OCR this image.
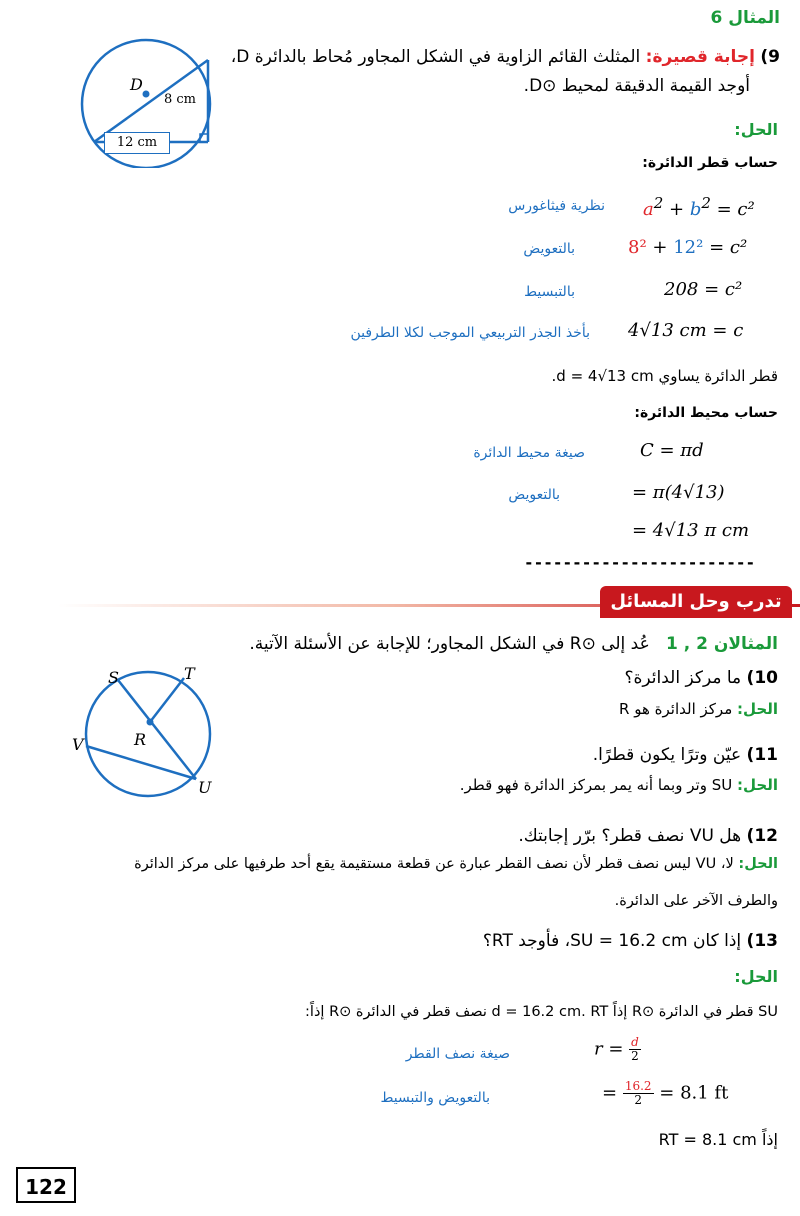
المثال 6
D
8 cm
12 cm
9) إجابة قصيرة: المثلث القائم الزاوية في الشكل المجاور مُحاط بالدائرة D،
أوجد القيمة الدقيقة لمحيط ⊙D.
الحل:
حساب قطر الدائرة:
$a^2 + b^2 = c^2$
نظرية فيثاغورس
8² + 12² = c²
بالتعويض
208 = c²
بالتبسيط
4√13 cm = c
بأخذ الجذر التربيعي الموجب لكلا الطرفين
قطر الدائرة يساوي d = 4√13 cm.
حساب محيط الدائرة:
C = πd
صيغة محيط الدائرة
= π(4√13)
بالتعويض
= 4√13 π cm
------------------------
تدرب وحل المسائل
المثالان 2 , 1   عُد إلى ⊙R في الشكل المجاور؛ للإجابة عن الأسئلة الآتية.
S	T
V	R
U
10) ما مركز الدائرة؟
الحل: مركز الدائرة هو R
11) عيّن وترًا يكون قطرًا.
الحل: SU وتر وبما أنه يمر بمركز الدائرة فهو قطر.
12) هل VU نصف قطر؟ برّر إجابتك.
الحل: لا، VU ليس نصف قطر لأن نصف القطر عبارة عن قطعة مستقيمة يقع أحد طرفيها على مركز الدائرة
والطرف الآخر على الدائرة.
13) إذا كان SU = 16.2 cm، فأوجد RT؟
الحل:
SU قطر في الدائرة ⊙R إذاً d = 16.2 cm. RT نصف قطر في الدائرة ⊙R إذاً:
$r = \frac{d}{2}$
صيغة نصف القطر
= $\frac{16.2}{2} = 8.1$ ft
بالتعويض والتبسيط
إذاً RT = 8.1 cm
122
